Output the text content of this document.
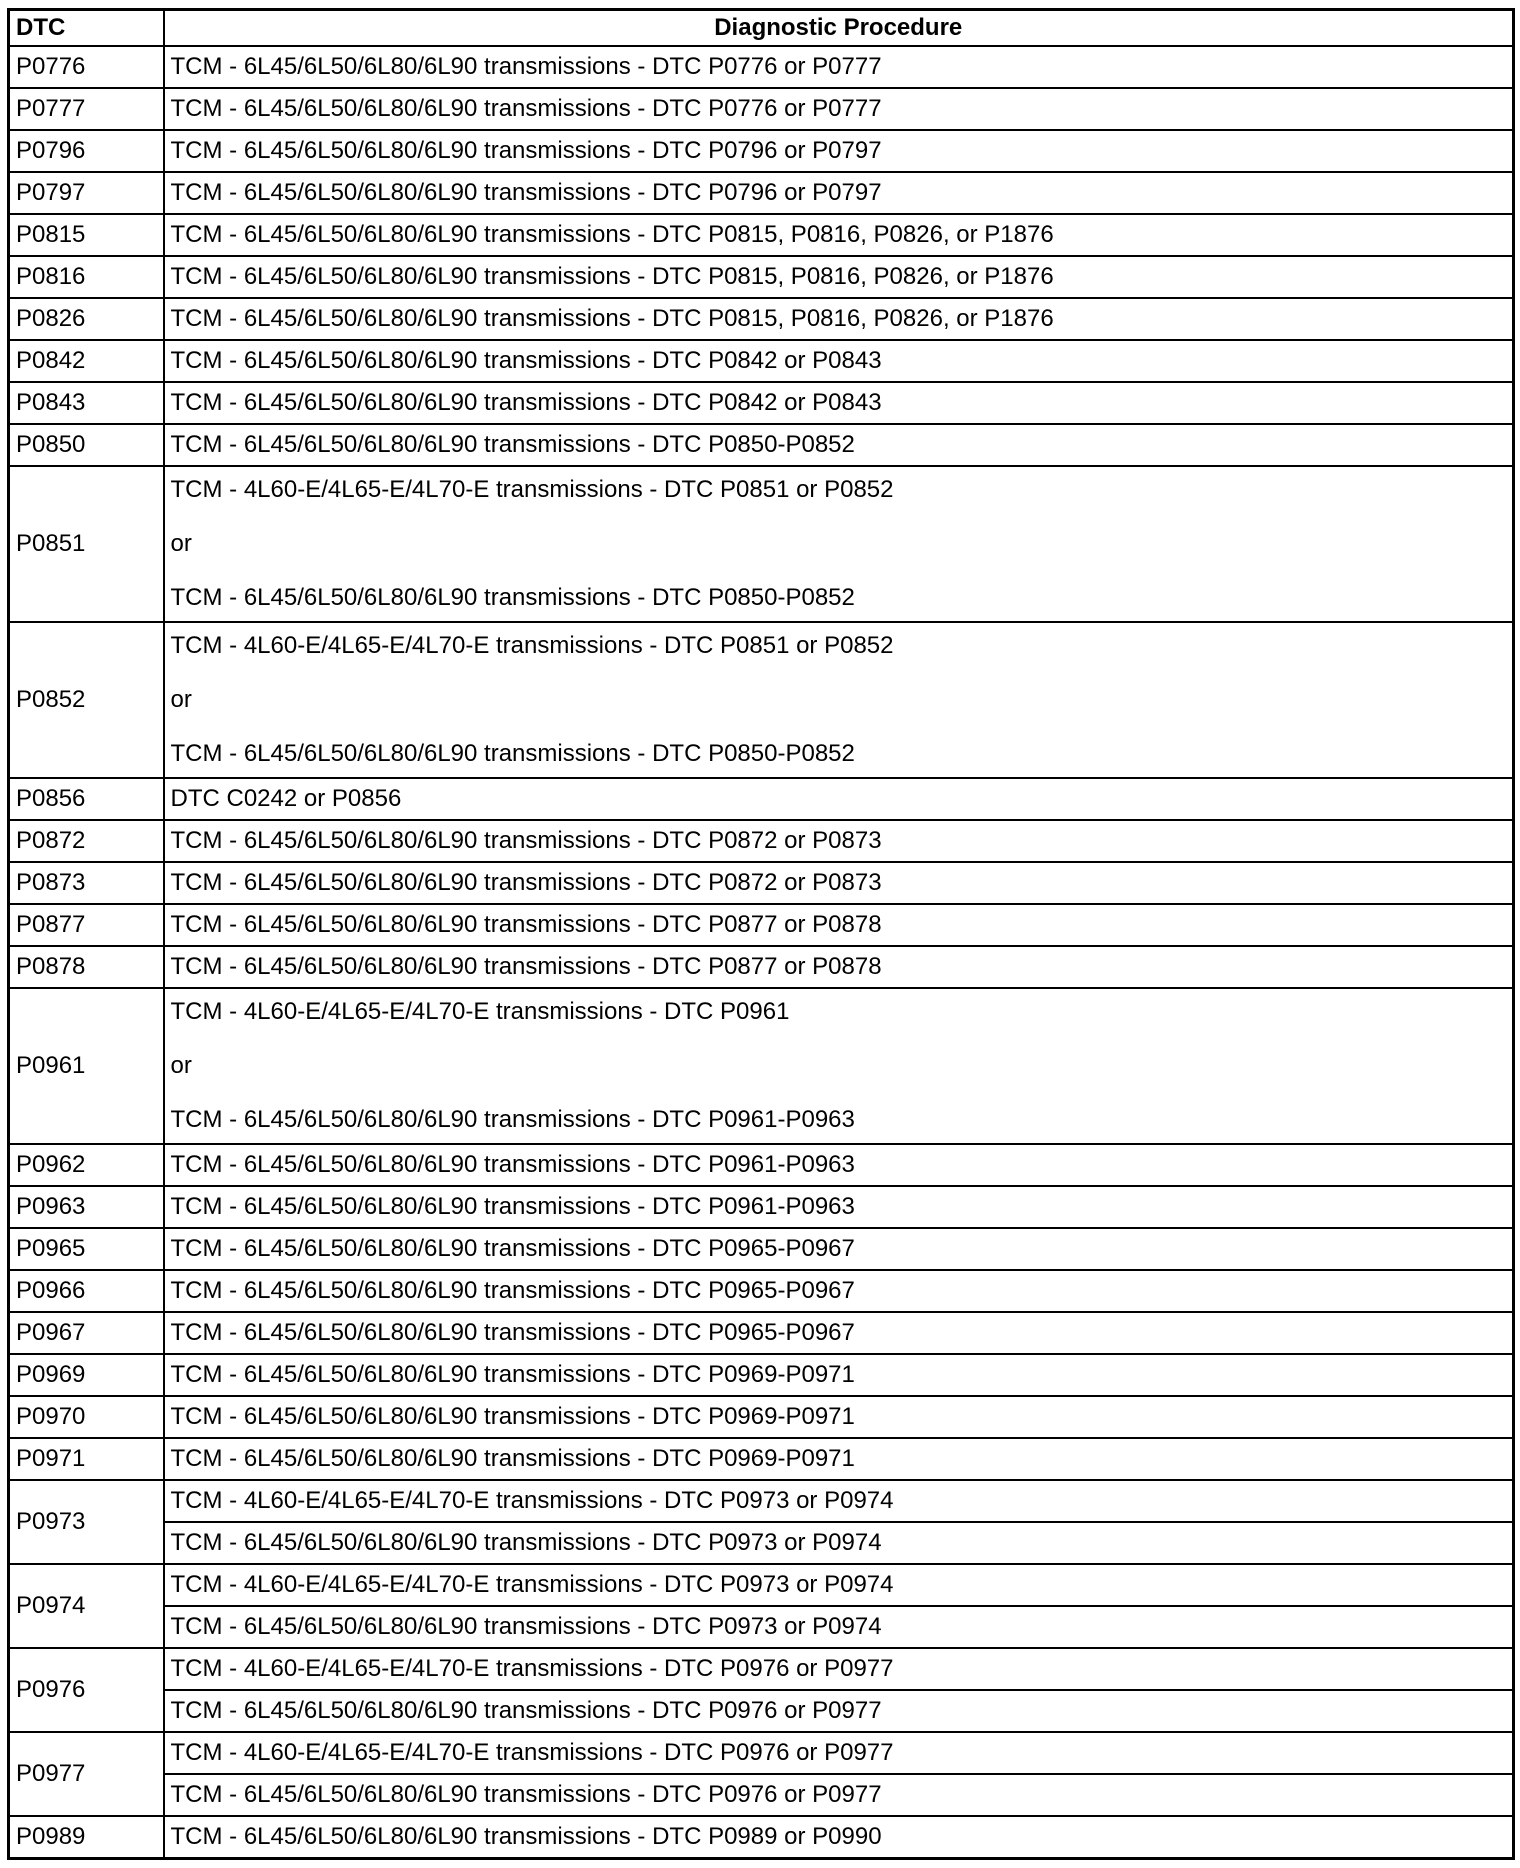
DTC	Diagnostic Procedure
P0776	TCM - 6L45/6L50/6L80/6L90 transmissions - DTC P0776 or P0777
P0777	TCM - 6L45/6L50/6L80/6L90 transmissions - DTC P0776 or P0777
P0796	TCM - 6L45/6L50/6L80/6L90 transmissions - DTC P0796 or P0797
P0797	TCM - 6L45/6L50/6L80/6L90 transmissions - DTC P0796 or P0797
P0815	TCM - 6L45/6L50/6L80/6L90 transmissions - DTC P0815, P0816, P0826, or P1876
P0816	TCM - 6L45/6L50/6L80/6L90 transmissions - DTC P0815, P0816, P0826, or P1876
P0826	TCM - 6L45/6L50/6L80/6L90 transmissions - DTC P0815, P0816, P0826, or P1876
P0842	TCM - 6L45/6L50/6L80/6L90 transmissions - DTC P0842 or P0843
P0843	TCM - 6L45/6L50/6L80/6L90 transmissions - DTC P0842 or P0843
P0850	TCM - 6L45/6L50/6L80/6L90 transmissions - DTC P0850-P0852
P0851	TCM - 4L60-E/4L65-E/4L70-E transmissions - DTC P0851 or P0852
or
TCM - 6L45/6L50/6L80/6L90 transmissions - DTC P0850-P0852

P0852	TCM - 4L60-E/4L65-E/4L70-E transmissions - DTC P0851 or P0852
or
TCM - 6L45/6L50/6L80/6L90 transmissions - DTC P0850-P0852

P0856	DTC C0242 or P0856
P0872	TCM - 6L45/6L50/6L80/6L90 transmissions - DTC P0872 or P0873
P0873	TCM - 6L45/6L50/6L80/6L90 transmissions - DTC P0872 or P0873
P0877	TCM - 6L45/6L50/6L80/6L90 transmissions - DTC P0877 or P0878
P0878	TCM - 6L45/6L50/6L80/6L90 transmissions - DTC P0877 or P0878
P0961	TCM - 4L60-E/4L65-E/4L70-E transmissions - DTC P0961
or
TCM - 6L45/6L50/6L80/6L90 transmissions - DTC P0961-P0963

P0962	TCM - 6L45/6L50/6L80/6L90 transmissions - DTC P0961-P0963
P0963	TCM - 6L45/6L50/6L80/6L90 transmissions - DTC P0961-P0963
P0965	TCM - 6L45/6L50/6L80/6L90 transmissions - DTC P0965-P0967
P0966	TCM - 6L45/6L50/6L80/6L90 transmissions - DTC P0965-P0967
P0967	TCM - 6L45/6L50/6L80/6L90 transmissions - DTC P0965-P0967
P0969	TCM - 6L45/6L50/6L80/6L90 transmissions - DTC P0969-P0971
P0970	TCM - 6L45/6L50/6L80/6L90 transmissions - DTC P0969-P0971
P0971	TCM - 6L45/6L50/6L80/6L90 transmissions - DTC P0969-P0971
P0973	TCM - 4L60-E/4L65-E/4L70-E transmissions - DTC P0973 or P0974
	TCM - 6L45/6L50/6L80/6L90 transmissions - DTC P0973 or P0974
P0974	TCM - 4L60-E/4L65-E/4L70-E transmissions - DTC P0973 or P0974
	TCM - 6L45/6L50/6L80/6L90 transmissions - DTC P0973 or P0974
P0976	TCM - 4L60-E/4L65-E/4L70-E transmissions - DTC P0976 or P0977
	TCM - 6L45/6L50/6L80/6L90 transmissions - DTC P0976 or P0977
P0977	TCM - 4L60-E/4L65-E/4L70-E transmissions - DTC P0976 or P0977
	TCM - 6L45/6L50/6L80/6L90 transmissions - DTC P0976 or P0977
P0989	TCM - 6L45/6L50/6L80/6L90 transmissions - DTC P0989 or P0990
